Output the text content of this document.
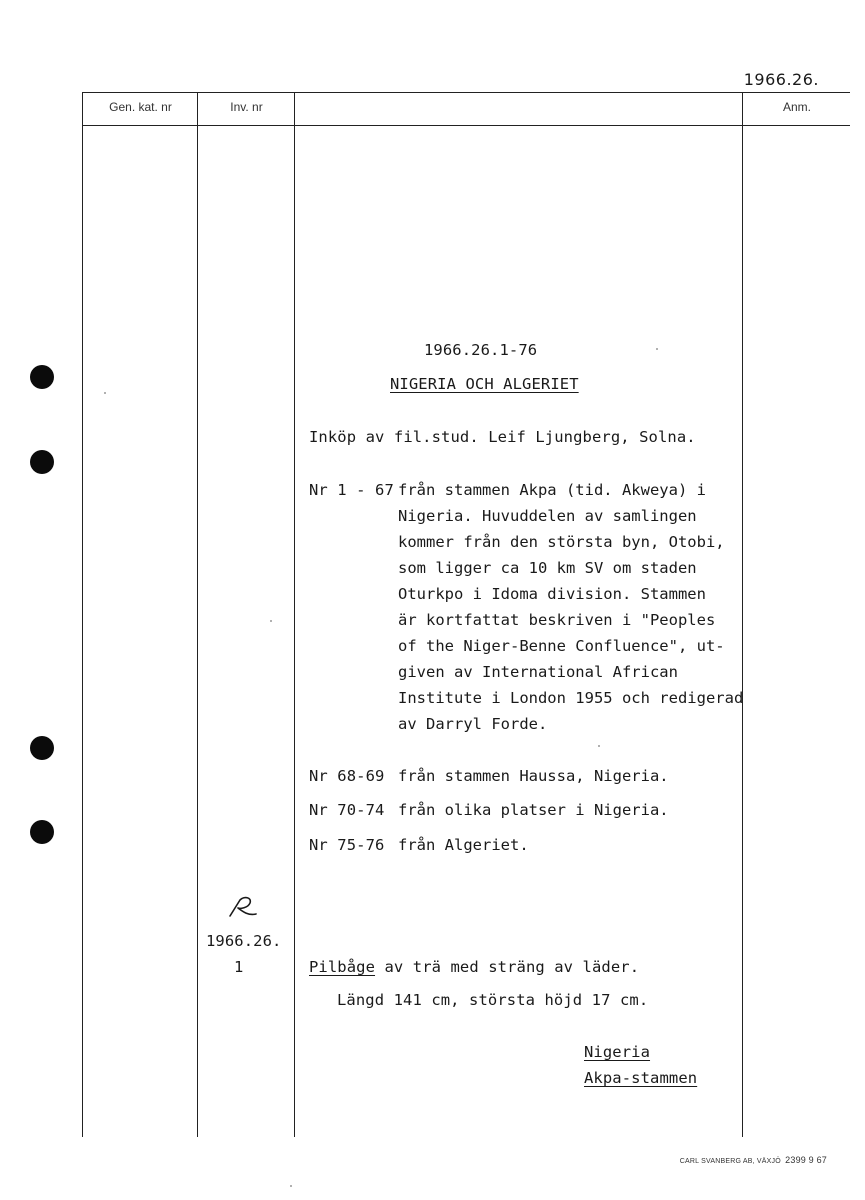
1966.26.
Gen. kat. nr	Inv. nr	Anm.
1966.26.1-76
NIGERIA OCH ALGERIET
Inköp av fil.stud. Leif Ljungberg, Solna.
Nr 1 - 67 från stammen Akpa (tid. Akweya) i
Nigeria. Huvuddelen av samlingen
kommer från den största byn, Otobi,
som ligger ca 10 km SV om staden
Oturkpo i Idoma division. Stammen
är kortfattat beskriven i "Peoples
of the Niger-Benne Confluence", ut-
given av International African
Institute i London 1955 och redigerad
av Darryl Forde.
Nr 68-69 från stammen Haussa, Nigeria.
Nr 70-74 från olika platser i Nigeria.
Nr 75-76 från Algeriet.
1966.26.
1	Pilbåge av trä med sträng av läder.
Längd 141 cm, största höjd 17 cm.
Nigeria
Akpa-stammen
CARL SVANBERG AB, VÄXJÖ 2399 9 67
